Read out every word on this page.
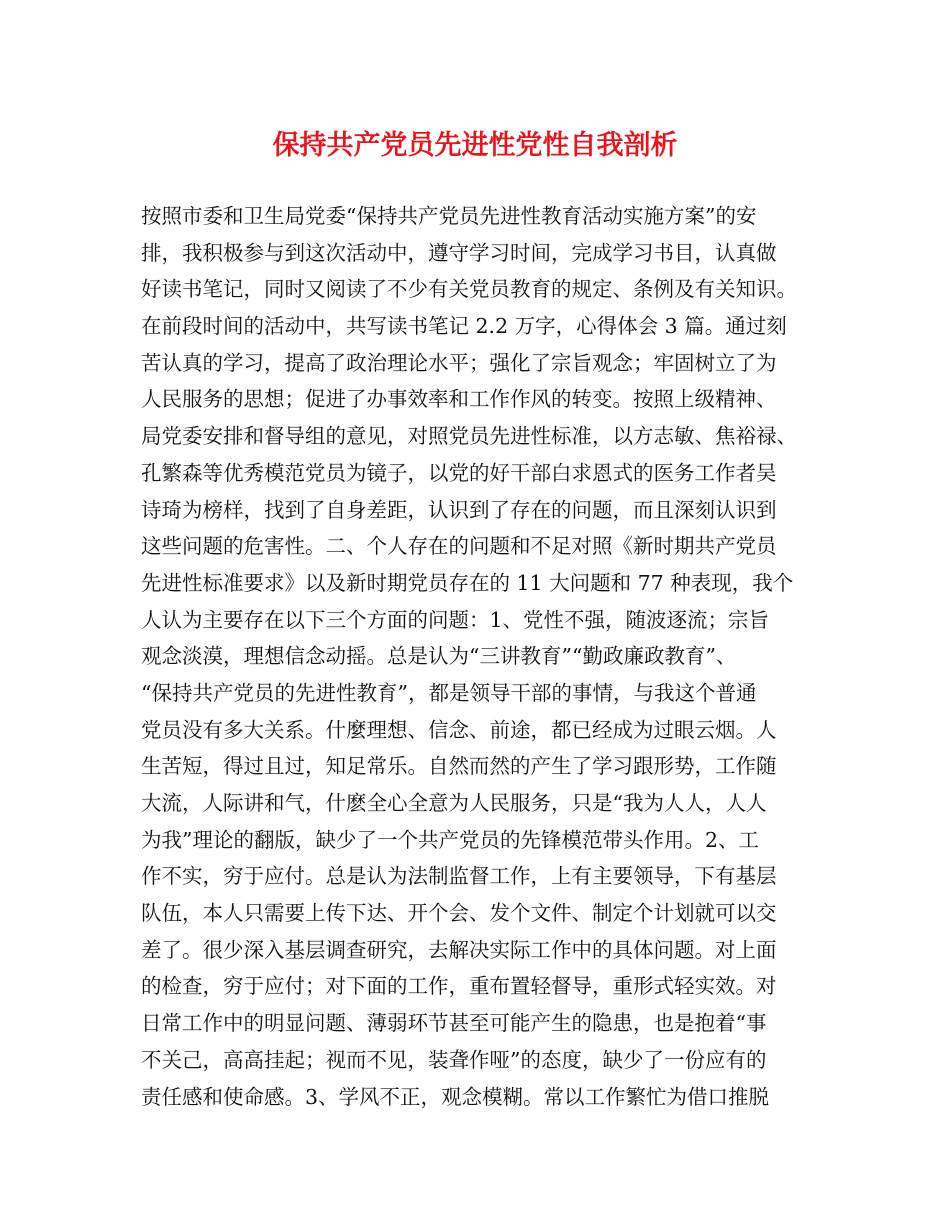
保持共产党员先进性党性自我剖析
按照市委和卫生局党委“保持共产党员先进性教育活动实施方案”的安
排，我积极参与到这次活动中，遵守学习时间，完成学习书目，认真做
好读书笔记，同时又阅读了不少有关党员教育的规定、条例及有关知识。
在前段时间的活动中，共写读书笔记 2.2 万字，心得体会 3 篇。通过刻
苦认真的学习，提高了政治理论水平；强化了宗旨观念；牢固树立了为
人民服务的思想；促进了办事效率和工作作风的转变。按照上级精神、
局党委安排和督导组的意见，对照党员先进性标准，以方志敏、焦裕禄、
孔繁森等优秀模范党员为镜子，以党的好干部白求恩式的医务工作者吴
诗琦为榜样，找到了自身差距，认识到了存在的问题，而且深刻认识到
这些问题的危害性。二、个人存在的问题和不足对照《新时期共产党员
先进性标准要求》以及新时期党员存在的 11 大问题和 77 种表现，我个
人认为主要存在以下三个方面的问题：1、党性不强，随波逐流；宗旨
观念淡漠，理想信念动摇。总是认为“三讲教育”“勤政廉政教育”、
“保持共产党员的先进性教育”，都是领导干部的事情，与我这个普通
党员没有多大关系。什麼理想、信念、前途，都已经成为过眼云烟。人
生苦短，得过且过，知足常乐。自然而然的产生了学习跟形势，工作随
大流，人际讲和气，什麽全心全意为人民服务，只是“我为人人，人人
为我”理论的翻版，缺少了一个共产党员的先锋模范带头作用。2、工
作不实，穷于应付。总是认为法制监督工作，上有主要领导，下有基层
队伍，本人只需要上传下达、开个会、发个文件、制定个计划就可以交
差了。很少深入基层调查研究，去解决实际工作中的具体问题。对上面
的检查，穷于应付；对下面的工作，重布置轻督导，重形式轻实效。对
日常工作中的明显问题、薄弱环节甚至可能产生的隐患，也是抱着“事
不关己，高高挂起；视而不见，装聋作哑”的态度，缺少了一份应有的
责任感和使命感。3、学风不正，观念模糊。常以工作繁忙为借口推脱
